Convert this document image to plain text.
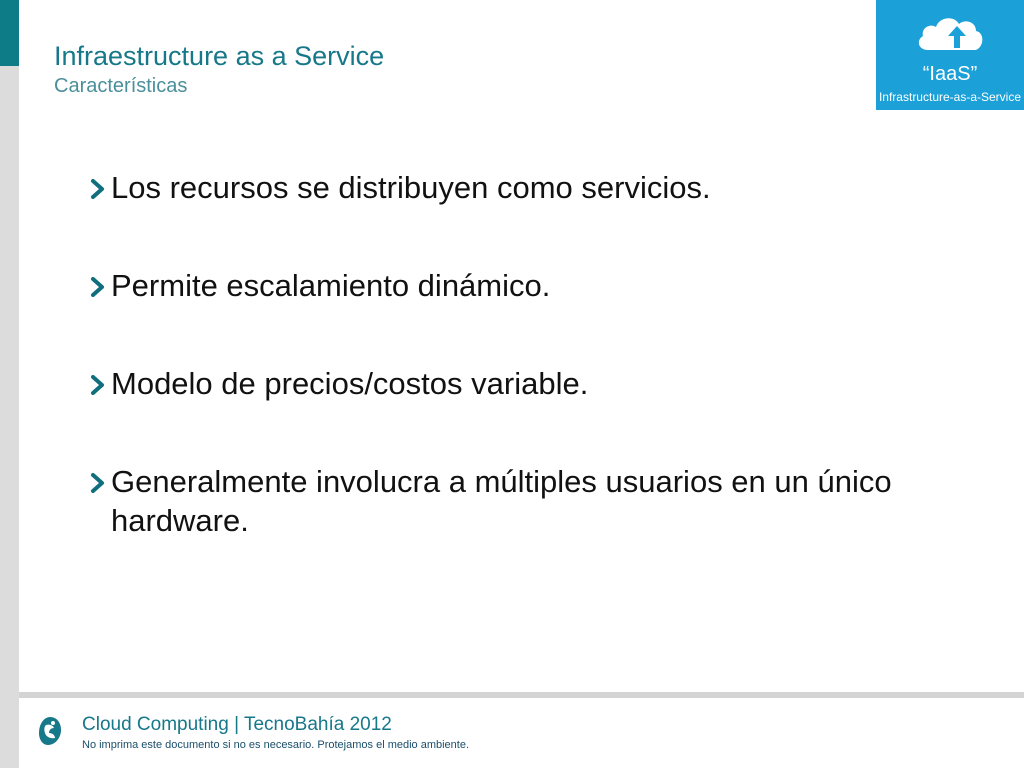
Infraestructure as a Service
Características
“IaaS”
Infrastructure-as-a-Service
Los recursos se distribuyen como servicios.
Permite escalamiento dinámico.
Modelo de precios/costos variable.
Generalmente involucra a múltiples usuarios en un único hardware.
Cloud Computing | TecnoBahía 2012
No imprima este documento si no es necesario. Protejamos el medio ambiente.
